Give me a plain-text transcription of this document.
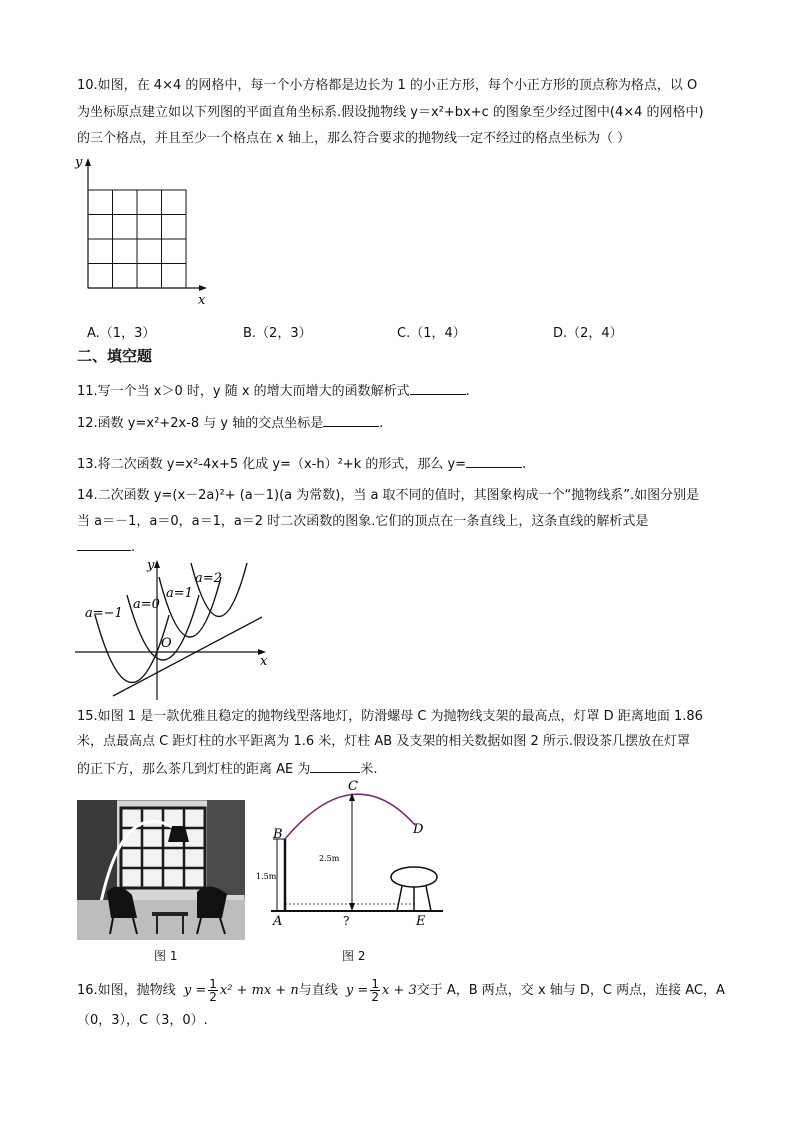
10.如图，在 4×4 的网格中，每一个小方格都是边长为 1 的小正方形，每个小正方形的顶点称为格点，以 O
为坐标原点建立如以下列图的平面直角坐标系.假设抛物线 y＝x²+bx+c 的图象至少经过图中(4×4 的网格中)
的三个格点，并且至少一个格点在 x 轴上，那么符合要求的抛物线一定不经过的格点坐标为（ ）
y
x
A.（1，3）	B.（2，3）	C.（1，4）	D.（2，4）
二、填空题
11.写一个当 x＞0 时，y 随 x 的增大而增大的函数解析式	.
12.函数 y=x²+2x-8 与 y 轴的交点坐标是	.
13.将二次函数 y=x²-4x+5 化成 y=（x-h）²+k 的形式，那么 y=	.
14.二次函数 y=(x－2a)²+ (a－1)(a 为常数)，当 a 取不同的值时，其图象构成一个“抛物线系”.如图分别是
当 a＝－1，a＝0，a＝1，a＝2 时二次函数的图象.它们的顶点在一条直线上，这条直线的解析式是
.
y
x
O
a=−1
a=0
a=1
a=2
15.如图 1 是一款优雅且稳定的抛物线型落地灯，防滑螺母 C 为抛物线支架的最高点，灯罩 D 距离地面 1.86
米，点最高点 C 距灯柱的水平距离为 1.6 米，灯柱 AB 及支架的相关数据如图 2 所示.假设茶几摆放在灯罩
的正下方，那么茶几到灯柱的距离 AE 为	米.
图 1
A
B
C
D
E
1.5m
2.5m
?
图 2
16.如图，抛物线 $y = \frac{1}{2} x^2$ + mx + n与直线 $y = \frac{1}{2}$ x + 3交于 A，B 两点，交 x 轴与 D，C 两点，连接 AC，A
（0，3），C（3，0）.
